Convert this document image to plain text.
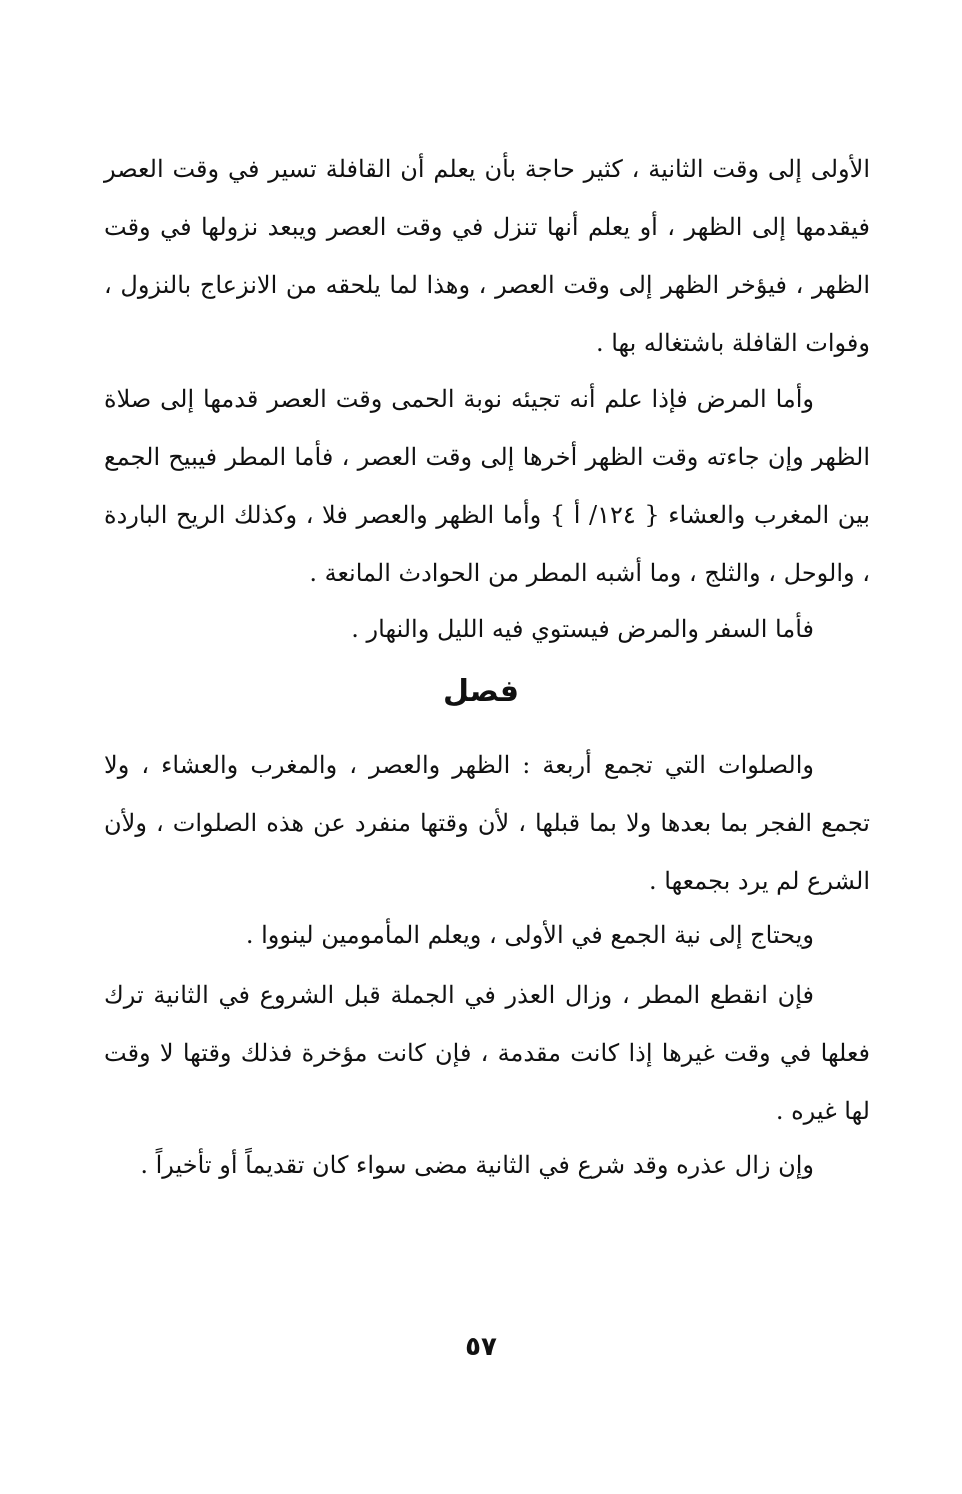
الأولى إلى وقت الثانية ، كثير حاجة بأن يعلم أن القافلة تسير في وقت العصر فيقدمها إلى الظهر ، أو يعلم أنها تنزل في وقت العصر ويبعد نزولها في وقت الظهر ، فيؤخر الظهر إلى وقت العصر ، وهذا لما يلحقه من الانزعاج بالنزول ، وفوات القافلة باشتغاله بها .

وأما المرض فإذا علم أنه تجيئه نوبة الحمى وقت العصر قدمها إلى صلاة الظهر وإن جاءته وقت الظهر أخرها إلى وقت العصر ، فأما المطر فيبيح الجمع بين المغرب والعشاء { ١٢٤/ أ } وأما الظهر والعصر فلا ، وكذلك الريح الباردة ، والوحل ، والثلج ، وما أشبه المطر من الحوادث المانعة .

فأما السفر والمرض فيستوي فيه الليل والنهار .

فصل

والصلوات التي تجمع أربعة : الظهر والعصر ، والمغرب والعشاء ، ولا تجمع الفجر بما بعدها ولا بما قبلها ، لأن وقتها منفرد عن هذه الصلوات ، ولأن الشرع لم يرد بجمعها .

ويحتاج إلى نية الجمع في الأولى ، ويعلم المأمومين لينووا .

فإن انقطع المطر ، وزال العذر في الجملة قبل الشروع في الثانية ترك فعلها في وقت غيرها إذا كانت مقدمة ، فإن كانت مؤخرة فذلك وقتها لا وقت لها غيره .

وإن زال عذره وقد شرع في الثانية مضى سواء كان تقديماً أو تأخيراً .

٥٧
